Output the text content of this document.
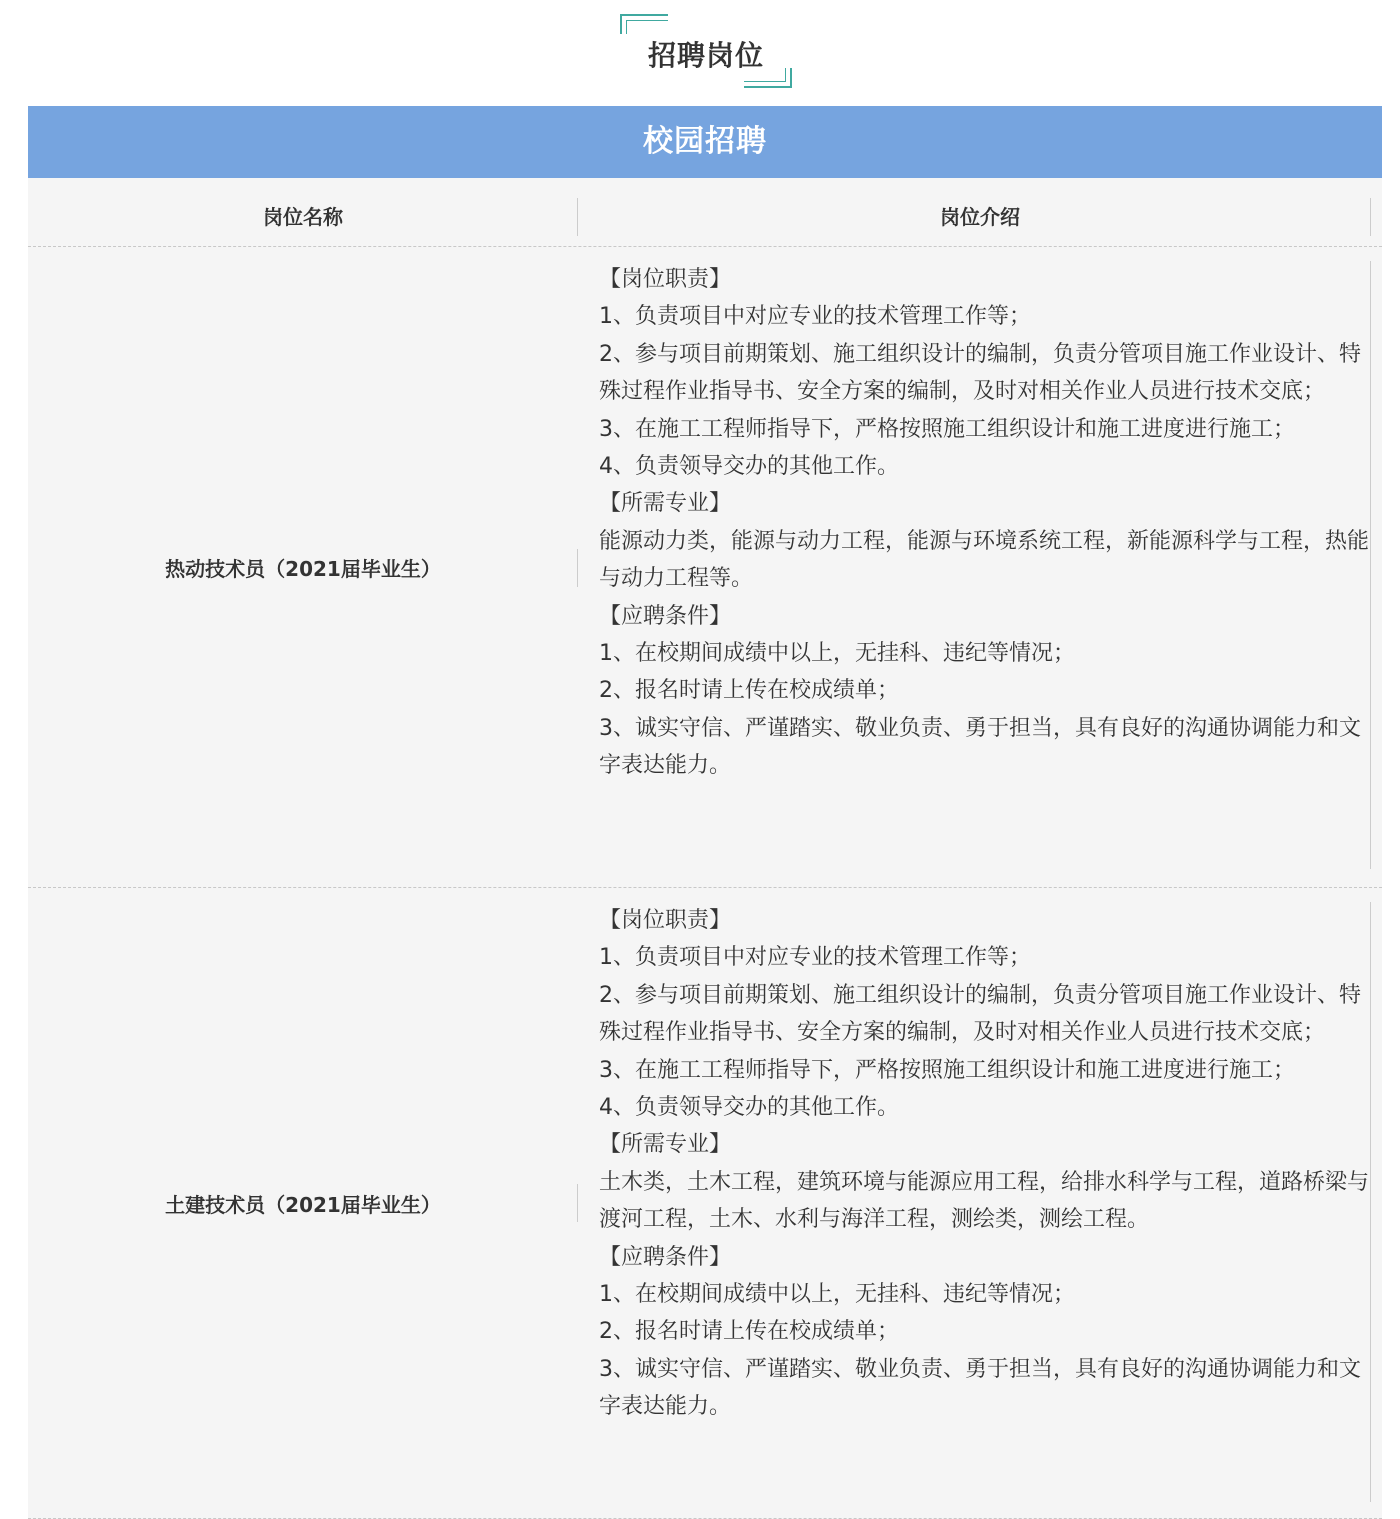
招聘岗位
校园招聘
岗位名称	岗位介绍
热动技术员（2021届毕业生）

【岗位职责】

1、负责项目中对应专业的技术管理工作等；

2、参与项目前期策划、施工组织设计的编制，负责分管项目施工作业设计、特殊过程作业指导书、安全方案的编制，及时对相关作业人员进行技术交底；

3、在施工工程师指导下，严格按照施工组织设计和施工进度进行施工；

4、负责领导交办的其他工作。

【所需专业】

能源动力类，能源与动力工程，能源与环境系统工程，新能源科学与工程，热能与动力工程等。

【应聘条件】

1、在校期间成绩中以上，无挂科、违纪等情况；

2、报名时请上传在校成绩单；

3、诚实守信、严谨踏实、敬业负责、勇于担当，具有良好的沟通协调能力和文字表达能力。

土建技术员（2021届毕业生）

【岗位职责】

1、负责项目中对应专业的技术管理工作等；

2、参与项目前期策划、施工组织设计的编制，负责分管项目施工作业设计、特殊过程作业指导书、安全方案的编制，及时对相关作业人员进行技术交底；

3、在施工工程师指导下，严格按照施工组织设计和施工进度进行施工；

4、负责领导交办的其他工作。

【所需专业】

土木类，土木工程，建筑环境与能源应用工程，给排水科学与工程，道路桥梁与渡河工程，土木、水利与海洋工程，测绘类，测绘工程。

【应聘条件】

1、在校期间成绩中以上，无挂科、违纪等情况；

2、报名时请上传在校成绩单；

3、诚实守信、严谨踏实、敬业负责、勇于担当，具有良好的沟通协调能力和文字表达能力。
